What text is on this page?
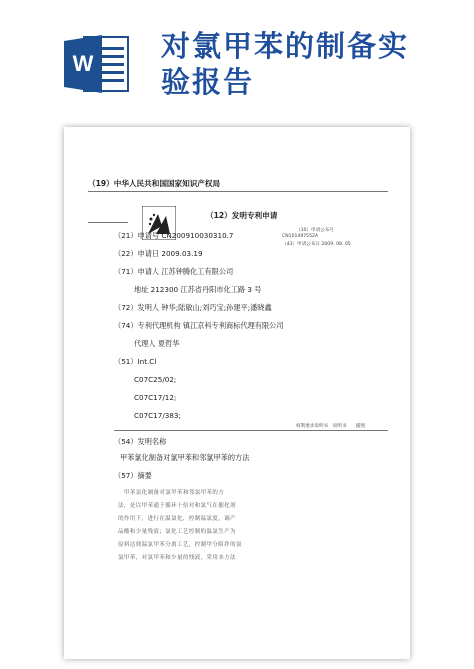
W
对氯甲苯的制备实
验报告
（19）中华人民共和国国家知识产权局
（12）发明专利申请
（10）申请公布号
CN101497552A
（43）申请公布日 2009. 08. 05
（21）申请号 CN200910030310.7
（22）申请日 2009.03.19
（71）申请人 江苏钟腾化工有限公司
地址 212300 江苏省丹阳市化工路 3 号
（72）发明人 钟华;陆敏山;刘巧宝;孙建平;潘晓鑫
（74）专利代理机构 镇江京科专利商标代理有限公司
代理人 夏哲华
（51）Int.Cl
C07C25/02;
C07C17/12;
C07C17/383;
权利要求说明书　说明书　　插图
（54）发明名称
甲苯氯化制备对氯甲苯和邻氯甲苯的方法
（57）摘要
甲苯氯化制备对氯甲苯和邻氯甲苯的方
法，是以甲苯通于循环十倍对和氯气在催化剂
的作用下，进行在温氯化，控制温氯度，调产
品酸和少量残液；氯化工艺控制的温氯生产为
原料达到温氯甲苯分离工艺，控制甲分阻拌的氯
氯甲苯，对氯甲苯和少量的残液，采用本方法
